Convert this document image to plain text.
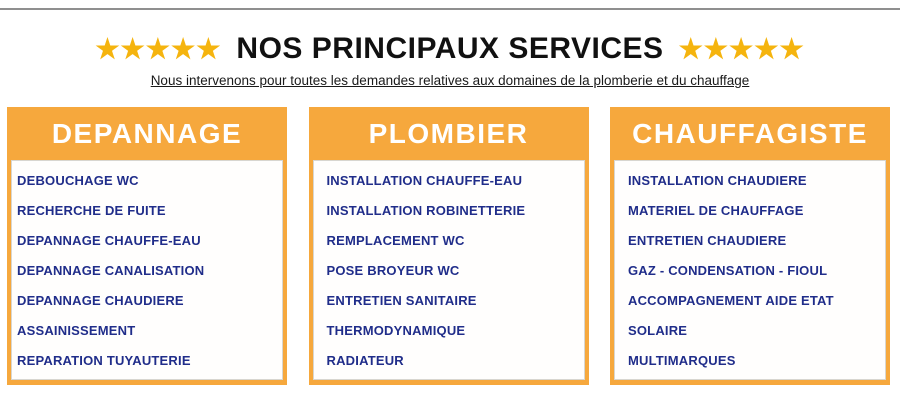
★★★★★ NOS PRINCIPAUX SERVICES ★★★★★

Nous intervenons pour toutes les demandes relatives aux domaines de la plomberie et du chauffage

DEPANNAGE
DEBOUCHAGE WC
RECHERCHE DE FUITE
DEPANNAGE CHAUFFE-EAU
DEPANNAGE CANALISATION
DEPANNAGE CHAUDIERE
ASSAINISSEMENT
REPARATION TUYAUTERIE
PLOMBIER
INSTALLATION CHAUFFE-EAU
INSTALLATION ROBINETTERIE
REMPLACEMENT WC
POSE BROYEUR WC
ENTRETIEN SANITAIRE
THERMODYNAMIQUE
RADIATEUR
CHAUFFAGISTE
INSTALLATION CHAUDIERE
MATERIEL DE CHAUFFAGE
ENTRETIEN CHAUDIERE
GAZ - CONDENSATION - FIOUL
ACCOMPAGNEMENT AIDE ETAT
SOLAIRE
MULTIMARQUES
